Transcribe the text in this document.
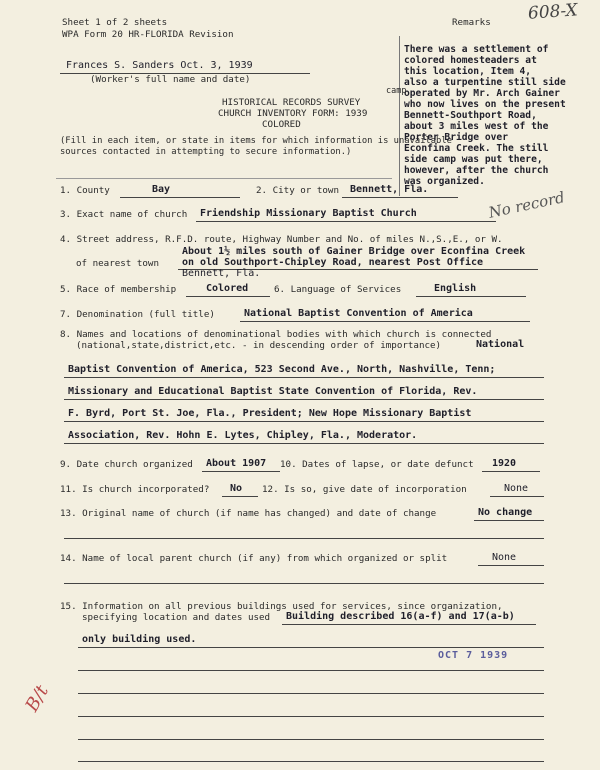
Sheet 1 of 2 sheets
WPA Form 20 HR-FLORIDA Revision
Remarks 608-X
Frances S. Sanders Oct. 3, 1939
(Worker's full name and date)
HISTORICAL RECORDS SURVEY
CHURCH INVENTORY FORM: 1939
COLORED
(Fill in each item, or state in items for which information is unavailable
sources contacted in attempting to secure information.)
There was a settlement of
colored homesteaders at
this location, Item 4,
also a turpentine still side
operated by Mr. Arch Gainer
who now lives on the present
Bennett-Southport Road,
about 3 miles west of the
Porter Bridge over
Econfina Creek. The still
side camp was put there,
however, after the church
was organized.
camp
1. County	Bay	2. City or town Bennett, Fla.
3. Exact name of church Friendship Missionary Baptist Church	No record
4. Street address, R.F.D. route, Highway Number and No. of miles N.,S.,E., or W.
About 1½ miles south of Gainer Bridge over Econfina Creek
of nearest town on old Southport-Chipley Road, nearest Post Office
Bennett, Fla.
5. Race of membership	Colored	6. Language of Services	English
7. Denomination (full title)	National Baptist Convention of America
8. Names and locations of denominational bodies with which church is connected
(national,state,district,etc. - in descending order of importance)	National
Baptist Convention of America, 523 Second Ave., North, Nashville, Tenn;
Missionary and Educational Baptist State Convention of Florida, Rev.
F. Byrd, Port St. Joe, Fla., President; New Hope Missionary Baptist
Association, Rev. Hohn E. Lytes, Chipley, Fla., Moderator.
9. Date church organized About 1907 10. Dates of lapse, or date defunct 1920
11. Is church incorporated? No 12. Is so, give date of incorporation	None
13. Original name of church (if name has changed) and date of change	No change
14. Name of local parent church (if any) from which organized or split	None
15. Information on all previous buildings used for services, since organization,
specifying location and dates used Building described 16(a-f) and 17(a-b)
only building used.
OCT 7 1939
B/t
